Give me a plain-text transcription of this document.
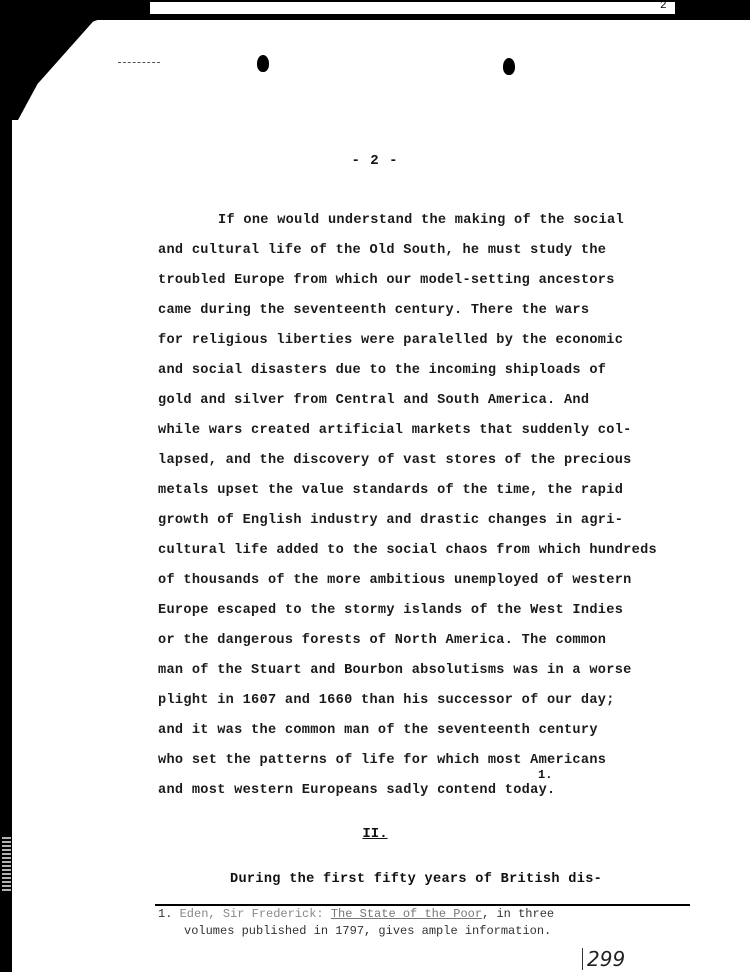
2
- 2 -
If one would understand the making of the social
and cultural life of the Old South, he must study the
troubled Europe from which our model-setting ancestors
came during the seventeenth century. There the wars
for religious liberties were paralelled by the economic
and social disasters due to the incoming shiploads of
gold and silver from Central and South America. And
while wars created artificial markets that suddenly col-
lapsed, and the discovery of vast stores of the precious
metals upset the value standards of the time, the rapid
growth of English industry and drastic changes in agri-
cultural life added to the social chaos from which hundreds
of thousands of the more ambitious unemployed of western
Europe escaped to the stormy islands of the West Indies
or the dangerous forests of North America. The common
man of the Stuart and Bourbon absolutisms was in a worse
plight in 1607 and 1660 than his successor of our day;
and it was the common man of the seventeenth century
who set the patterns of life for which most Americans
and most western Europeans sadly contend today.
1.
II.
During the first fifty years of British dis-
1. Eden, Sir Frederick: The State of the Poor, in three
volumes published in 1797, gives ample information.
299
